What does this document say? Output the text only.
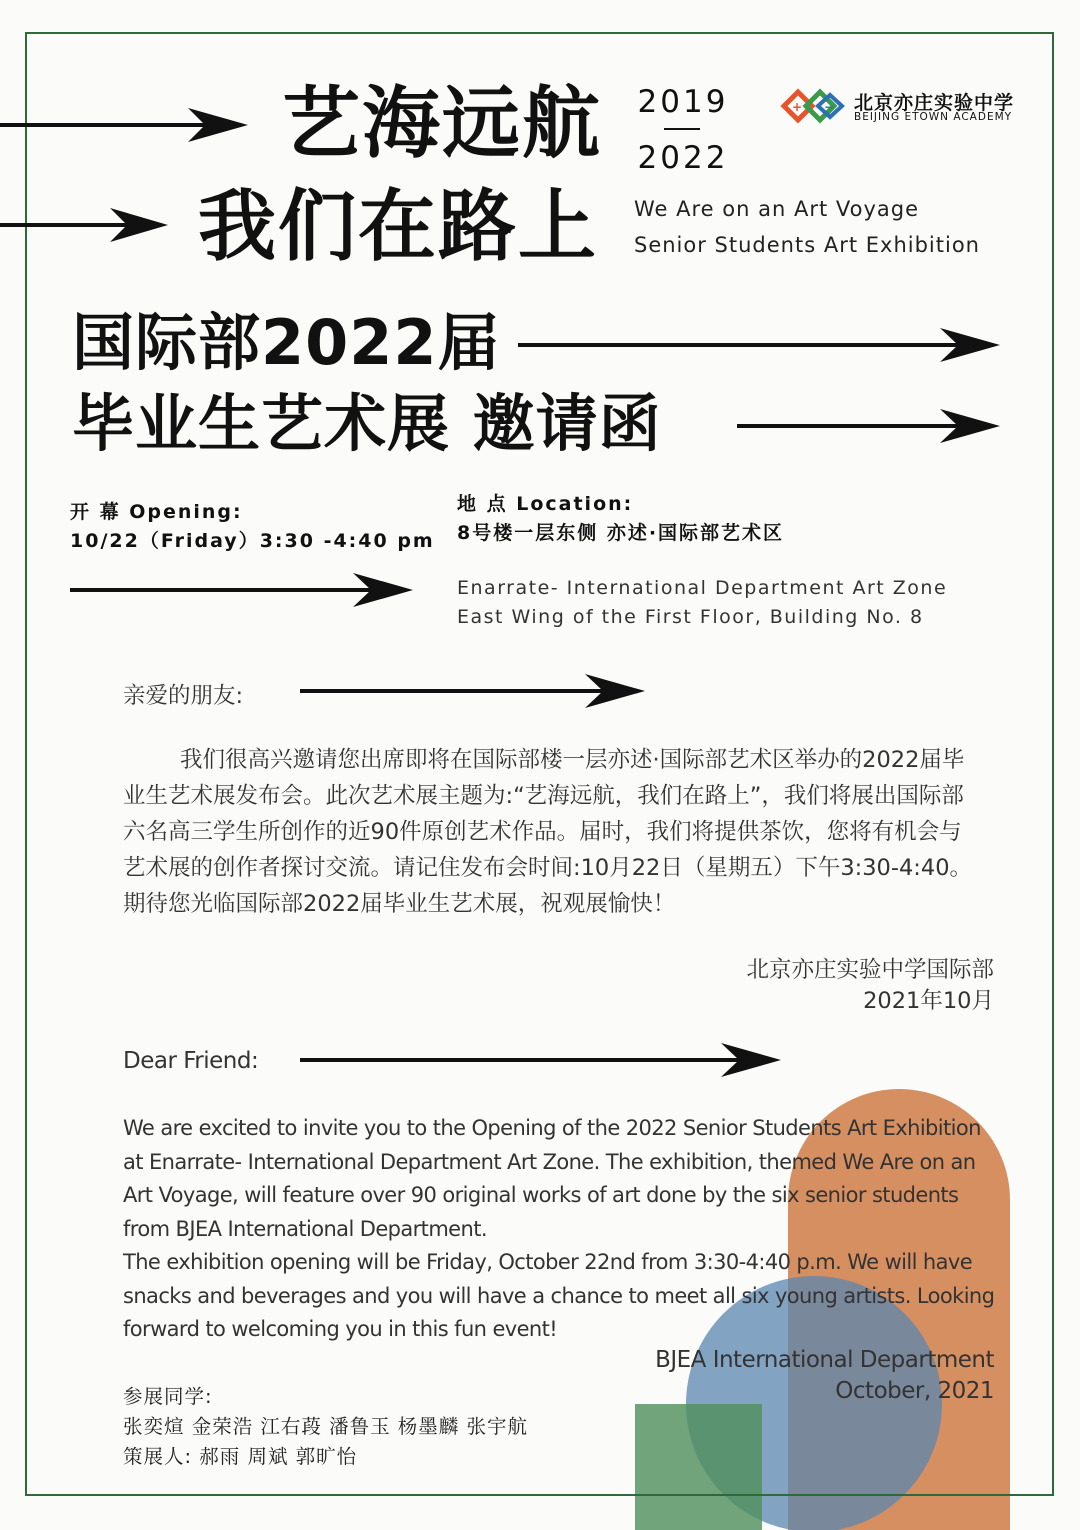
艺海远航
我们在路上
2019
2022
+ − 北京亦庄实验中学
BEIJING ETOWN ACADEMY
We Are on an Art Voyage
Senior Students Art Exhibition
国际部2022届
毕业生艺术展 邀请函
开 幕 Opening:
10/22（Friday）3:30 -4:40 pm
地 点 Location:
8号楼一层东侧 亦述·国际部艺术区
Enarrate- International Department Art Zone
East Wing of the First Floor, Building No. 8
亲爱的朋友:
我们很高兴邀请您出席即将在国际部楼一层亦述·国际部艺术区举办的2022届毕业生艺术展发布会。此次艺术展主题为:“艺海远航，我们在路上”，我们将展出国际部六名高三学生所创作的近90件原创艺术作品。届时，我们将提供茶饮，您将有机会与艺术展的创作者探讨交流。请记住发布会时间:10月22日（星期五）下午3:30-4:40。期待您光临国际部2022届毕业生艺术展，祝观展愉快！
北京亦庄实验中学国际部
2021年10月
Dear Friend:
We are excited to invite you to the Opening of the 2022 Senior Students Art Exhibition at Enarrate- International Department Art Zone. The exhibition, themed We Are on an Art Voyage, will feature over 90 original works of art done by the six senior students from BJEA International Department.
The exhibition opening will be Friday, October 22nd from 3:30-4:40 p.m. We will have snacks and beverages and you will have a chance to meet all six young artists. Looking forward to welcoming you in this fun event!
BJEA International Department
October, 2021
参展同学:
张奕煊 金荣浩 江右葮 潘鲁玉 杨墨麟 张宇航
策展人: 郝雨 周斌 郭旷怡
